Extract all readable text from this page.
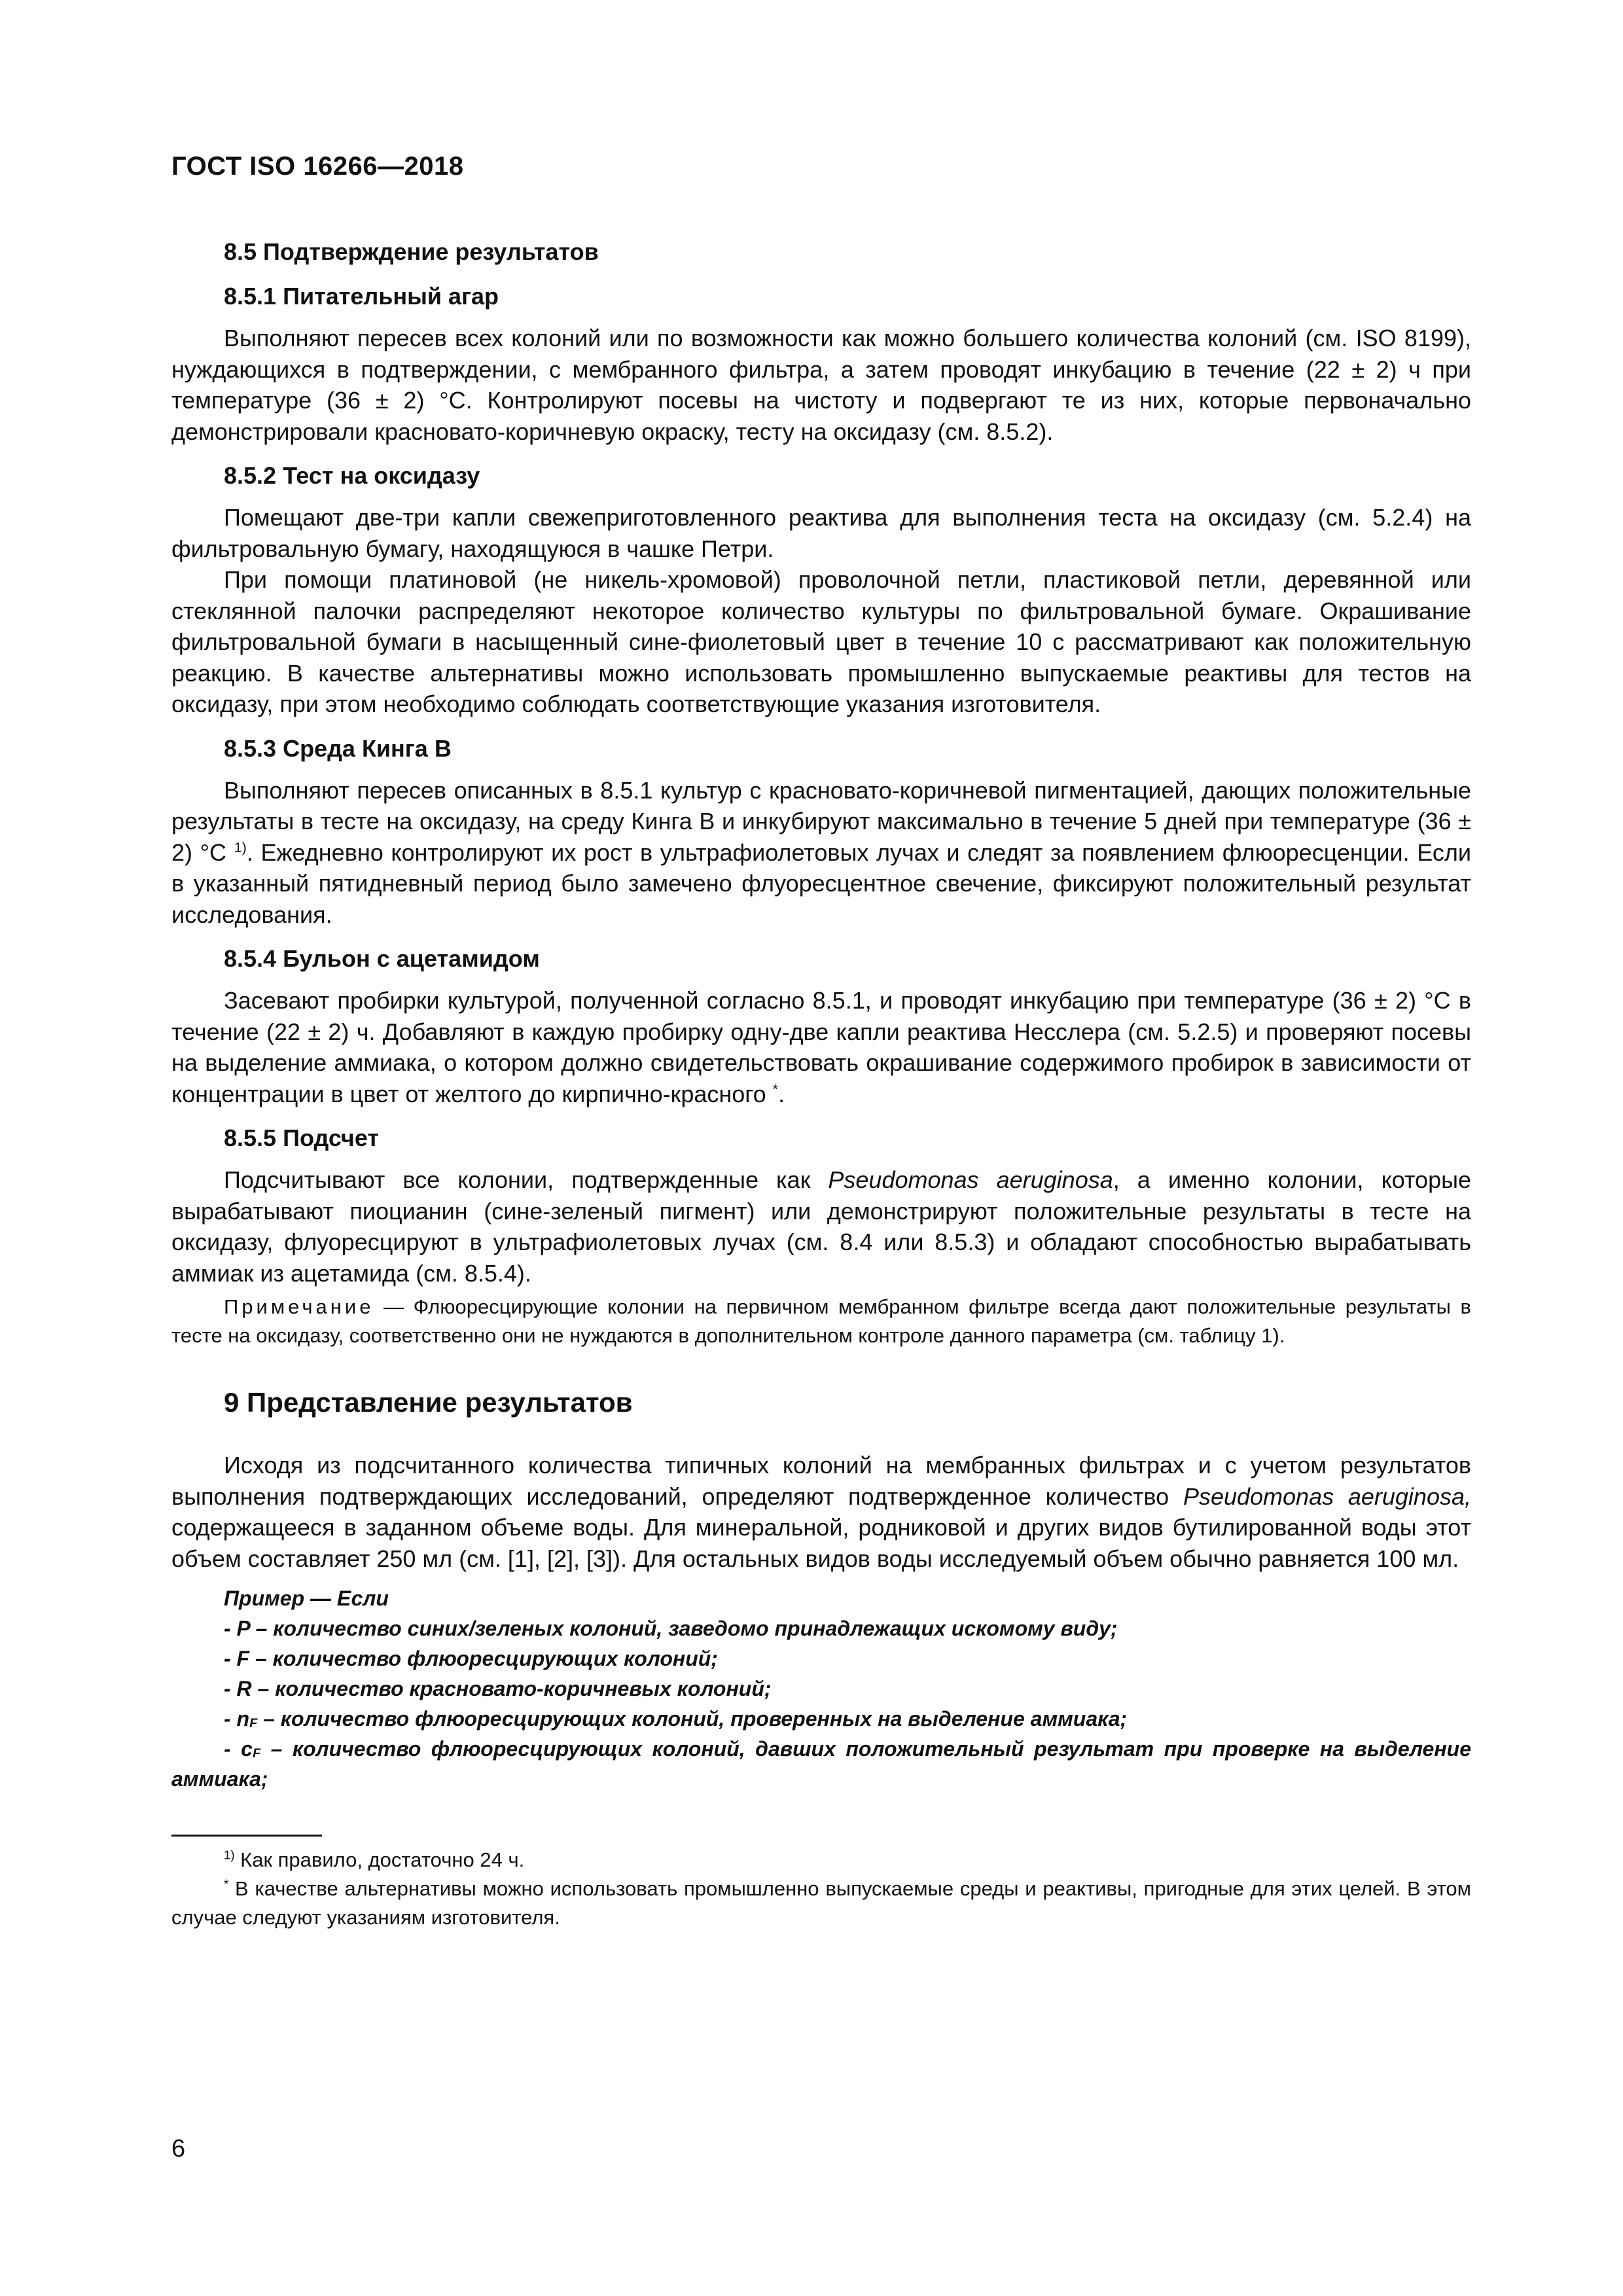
ГОСТ ISO 16266—2018
8.5 Подтверждение результатов
8.5.1 Питательный агар

Выполняют пересев всех колоний или по возможности как можно большего количества колоний (см. ISO 8199), нуждающихся в подтверждении, с мембранного фильтра, а затем проводят инкубацию в течение (22 ± 2) ч при температуре (36 ± 2) °С. Контролируют посевы на чистоту и подвергают те из них, которые первоначально демонстрировали красновато-коричневую окраску, тесту на оксидазу (см. 8.5.2).

8.5.2 Тест на оксидазу

Помещают две-три капли свежеприготовленного реактива для выполнения теста на оксидазу (см. 5.2.4) на фильтровальную бумагу, находящуюся в чашке Петри.

При помощи платиновой (не никель-хромовой) проволочной петли, пластиковой петли, деревянной или стеклянной палочки распределяют некоторое количество культуры по фильтровальной бумаге. Окрашивание фильтровальной бумаги в насыщенный сине-фиолетовый цвет в течение 10 с рассматривают как положительную реакцию. В качестве альтернативы можно использовать промышленно выпускаемые реактивы для тестов на оксидазу, при этом необходимо соблюдать соответствующие указания изготовителя.

8.5.3 Среда Кинга В

Выполняют пересев описанных в 8.5.1 культур с красновато-коричневой пигментацией, дающих положительные результаты в тесте на оксидазу, на среду Кинга В и инкубируют максимально в течение 5 дней при температуре (36 ± 2) °С $^{1)}$. Ежедневно контролируют их рост в ультрафиолетовых лучах и следят за появлением флюоресценции. Если в указанный пятидневный период было замечено флуоресцентное свечение, фиксируют положительный результат исследования.

8.5.4 Бульон с ацетамидом

Засевают пробирки культурой, полученной согласно 8.5.1, и проводят инкубацию при температуре (36 ± 2) °С в течение (22 ± 2) ч. Добавляют в каждую пробирку одну-две капли реактива Несслера (см. 5.2.5) и проверяют посевы на выделение аммиака, о котором должно свидетельствовать окрашивание содержимого пробирок в зависимости от концентрации в цвет от желтого до кирпично-красного *.

8.5.5 Подсчет

Подсчитывают все колонии, подтвержденные как Pseudomonas aeruginosa, а именно колонии, которые вырабатывают пиоцианин (сине-зеленый пигмент) или демонстрируют положительные результаты в тесте на оксидазу, флуоресцируют в ультрафиолетовых лучах (см. 8.4 или 8.5.3) и обладают способностью вырабатывать аммиак из ацетамида (см. 8.5.4).

Примечание — Флюоресцирующие колонии на первичном мембранном фильтре всегда дают положительные результаты в тесте на оксидазу, соответственно они не нуждаются в дополнительном контроле данного параметра (см. таблицу 1).

9 Представление результатов

Исходя из подсчитанного количества типичных колоний на мембранных фильтрах и с учетом результатов выполнения подтверждающих исследований, определяют подтвержденное количество Pseudomonas aeruginosa, содержащееся в заданном объеме воды. Для минеральной, родниковой и других видов бутилированной воды этот объем составляет 250 мл (см. [1], [2], [3]). Для остальных видов воды исследуемый объем обычно равняется 100 мл.

Пример — Если
- P – количество синих/зеленых колоний, заведомо принадлежащих искомому виду;
- F – количество флюоресцирующих колоний;
- R – количество красновато-коричневых колоний;
- $n_F$ – количество флюоресцирующих колоний, проверенных на выделение аммиака;
- $c_F$ – количество флюоресцирующих колоний, давших положительный результат при проверке на выделение аммиака;

$^{1)}$ Как правило, достаточно 24 ч.

* В качестве альтернативы можно использовать промышленно выпускаемые среды и реактивы, пригодные для этих целей. В этом случае следуют указаниям изготовителя.

6
